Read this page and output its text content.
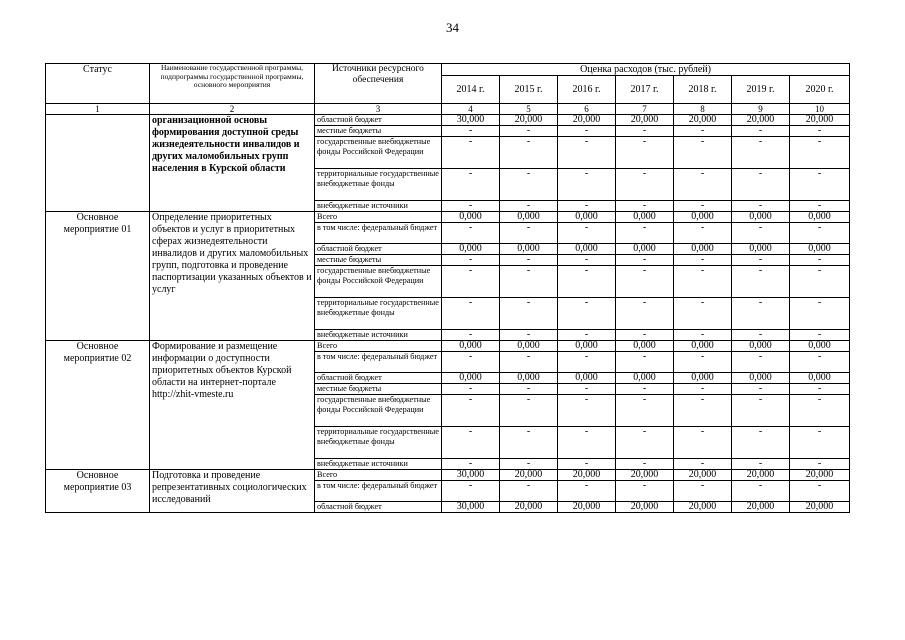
34
Статус	Наименование государственной программы, подпрограммы государственной программы, основного мероприятия	Источники ресурсного обеспечения	Оценка расходов (тыс. рублей)						
			2014 г.	2015 г.	2016 г.	2017 г.	2018 г.	2019 г.	2020 г.
1	2	3	4	5	6	7	8	9	10
	организационной основы формирования доступной среды жизнедеятельности инвалидов и других маломобильных групп населения в Курской области	областной бюджет	30,000	20,000	20,000	20,000	20,000	20,000	20,000
		местные бюджеты	-	-	-	-	-	-	-
		государственные внебюджетные фонды Российской Федерации	-	-	-	-	-	-	-
		территориальные государственные внебюджетные фонды	-	-	-	-	-	-	-
		внебюджетные источники	-	-	-	-	-	-	-
Основное мероприятие 01	Определение приоритетных объектов и услуг в приоритетных сферах жизнедеятельности инвалидов и других маломобильных групп, подготовка и проведение паспортизации указанных объектов и услуг	Всего	0,000	0,000	0,000	0,000	0,000	0,000	0,000
		в том числе: федеральный бюджет	-	-	-	-	-	-	-
		областной бюджет	0,000	0,000	0,000	0,000	0,000	0,000	0,000
		местные бюджеты	-	-	-	-	-	-	-
		государственные внебюджетные фонды Российской Федерации	-	-	-	-	-	-	-
		территориальные государственные внебюджетные фонды	-	-	-	-	-	-	-
		внебюджетные источники	-	-	-	-	-	-	-
Основное мероприятие 02	Формирование и размещение информации о доступности приоритетных объектов Курской области на интернет-портале http://zhit-vmeste.ru	Всего	0,000	0,000	0,000	0,000	0,000	0,000	0,000
		в том числе: федеральный бюджет	-	-	-	-	-	-	-
		областной бюджет	0,000	0,000	0,000	0,000	0,000	0,000	0,000
		местные бюджеты	-	-	-	-	-	-	-
		государственные внебюджетные фонды Российской Федерации	-	-	-	-	-	-	-
		территориальные государственные внебюджетные фонды	-	-	-	-	-	-	-
		внебюджетные источники	-	-	-	-	-	-	-
Основное мероприятие 03	Подготовка и проведение репрезентативных социологических исследований	Всего	30,000	20,000	20,000	20,000	20,000	20,000	20,000
		в том числе: федеральный бюджет	-	-	-	-	-	-	-
		областной бюджет	30,000	20,000	20,000	20,000	20,000	20,000	20,000
